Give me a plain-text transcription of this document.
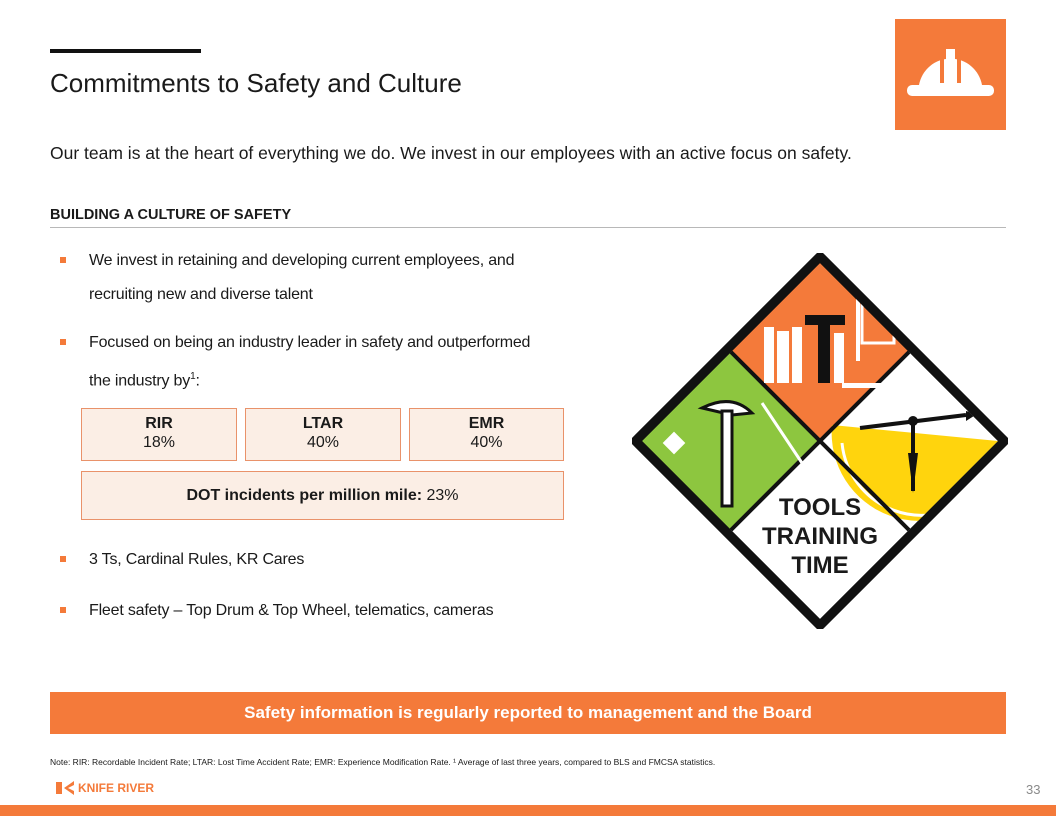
Commitments to Safety and Culture
Our team is at the heart of everything we do. We invest in our employees with an active focus on safety.
BUILDING A CULTURE OF SAFETY
We invest in retaining and developing current employees, and
recruiting new and diverse talent
Focused on being an industry leader in safety and outperformed
the industry $by^1$:
RIR
18%
LTAR
40%
EMR
40%
DOT incidents per million mile: 23%
3 Ts, Cardinal Rules, KR Cares
Fleet safety – Top Drum & Top Wheel, telematics, cameras
TOOLS
TRAINING
TIME
Safety information is regularly reported to management and the Board
Note: RIR: Recordable Incident Rate; LTAR: Lost Time Accident Rate; EMR: Experience Modification Rate. ¹ Average of last three years, compared to BLS and FMCSA statistics.
KNIFE RIVER	33
